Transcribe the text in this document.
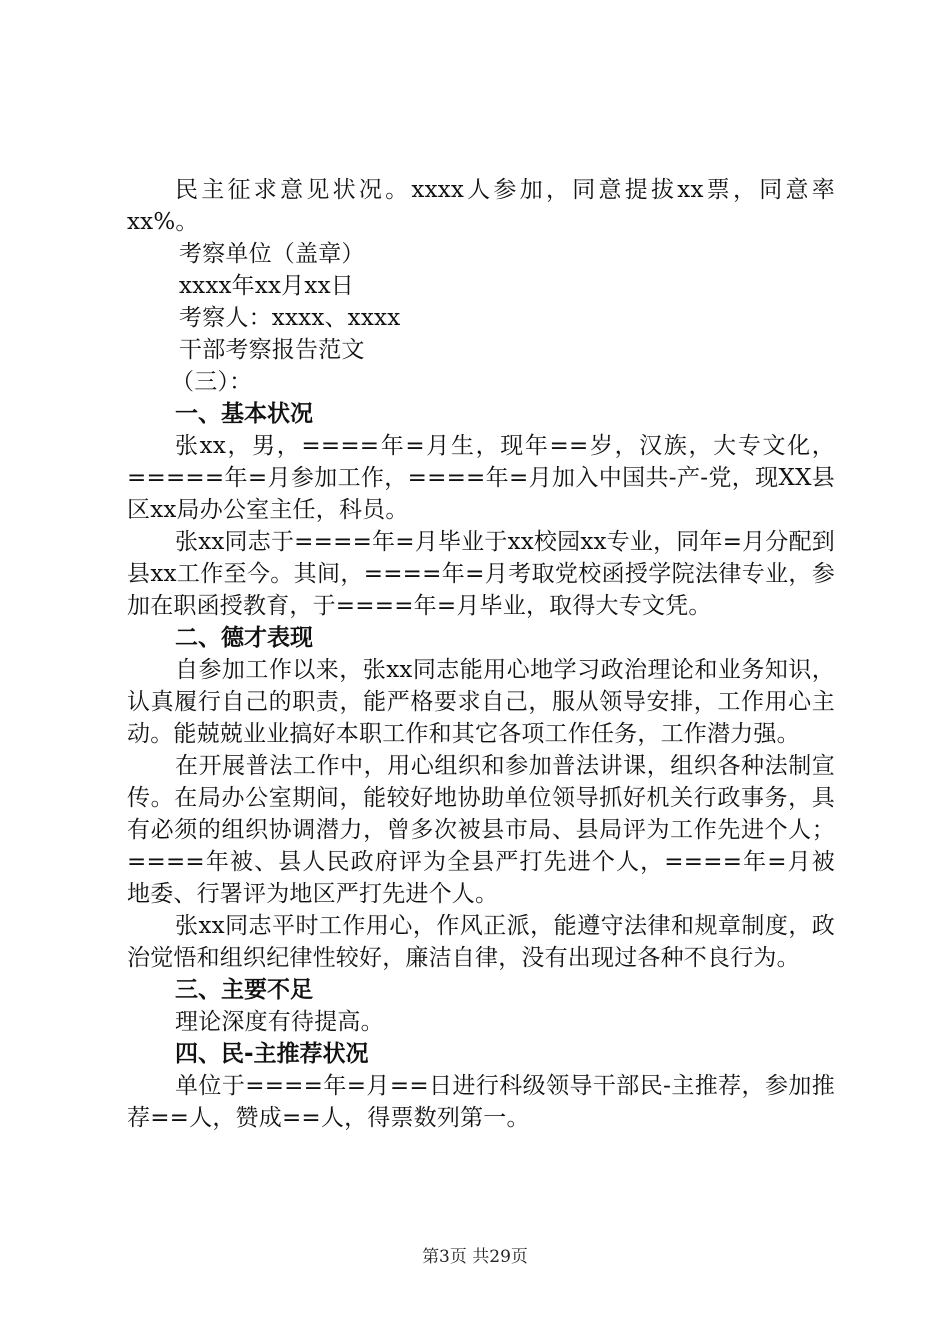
民主征求意见状况。xxxx人参加，同意提拔xx票，同意率xx%。

考察单位（盖章）

xxxx年xx月xx日

考察人：xxxx、xxxx

干部考察报告范文

（三）：

一、基本状况

张xx，男，====年=月生，现年==岁，汉族，大专文化，=====年=月参加工作，====年=月加入中国共-产-党，现XX县区xx局办公室主任，科员。

张xx同志于====年=月毕业于xx校园xx专业，同年=月分配到县xx工作至今。其间，====年=月考取党校函授学院法律专业，参加在职函授教育，于====年=月毕业，取得大专文凭。

二、德才表现

自参加工作以来，张xx同志能用心地学习政治理论和业务知识，认真履行自己的职责，能严格要求自己，服从领导安排，工作用心主动。能兢兢业业搞好本职工作和其它各项工作任务，工作潜力强。

在开展普法工作中，用心组织和参加普法讲课，组织各种法制宣传。在局办公室期间，能较好地协助单位领导抓好机关行政事务，具有必须的组织协调潜力，曾多次被县市局、县局评为工作先进个人；====年被、县人民政府评为全县严打先进个人，====年=月被地委、行署评为地区严打先进个人。

张xx同志平时工作用心，作风正派，能遵守法律和规章制度，政治觉悟和组织纪律性较好，廉洁自律，没有出现过各种不良行为。

三、主要不足

理论深度有待提高。

四、民-主推荐状况

单位于====年=月==日进行科级领导干部民-主推荐，参加推荐==人，赞成==人，得票数列第一。

第3页 共29页
